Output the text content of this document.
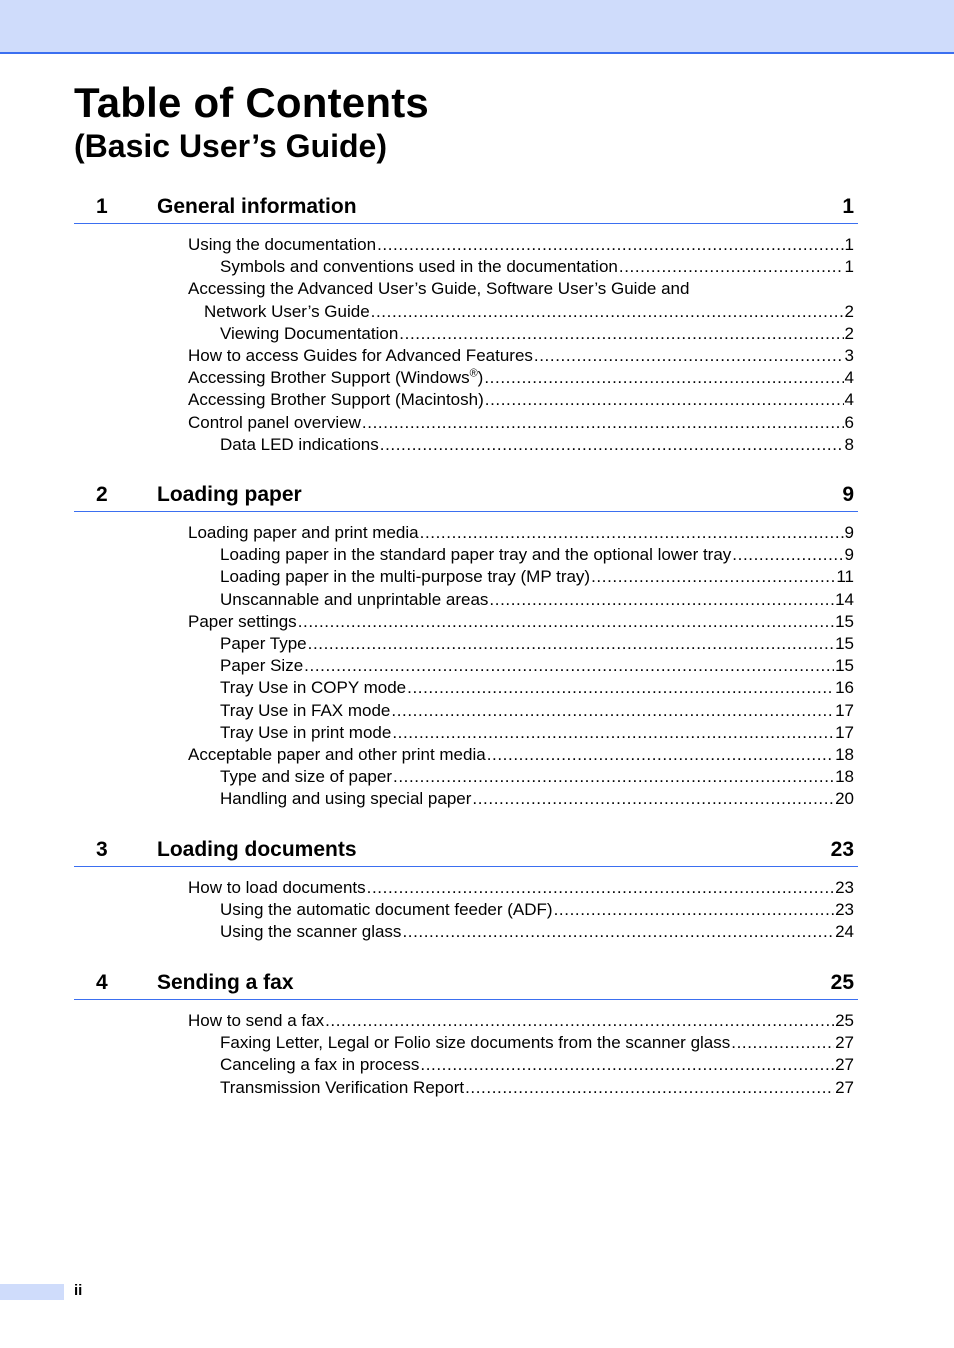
Table of Contents
(Basic User’s Guide)
1 General information	1
Using the documentation .....	1
Symbols and conventions used in the documentation .....	1
Accessing the Advanced User’s Guide, Software User’s Guide and
Network User’s Guide .....	2
Viewing Documentation .....	2
How to access Guides for Advanced Features .....	3
Accessing Brother Support (Windows®) .....	4
Accessing Brother Support (Macintosh) .....	4
Control panel overview .....	6
Data LED indications .....	8
2 Loading paper	9
Loading paper and print media .....	9
Loading paper in the standard paper tray and the optional lower tray .....	9
Loading paper in the multi-purpose tray (MP tray) .....	11
Unscannable and unprintable areas .....	14
Paper settings .....	15
Paper Type .....	15
Paper Size .....	15
Tray Use in COPY mode .....	16
Tray Use in FAX mode .....	17
Tray Use in print mode .....	17
Acceptable paper and other print media .....	18
Type and size of paper .....	18
Handling and using special paper .....	20
3 Loading documents	23
How to load documents .....	23
Using the automatic document feeder (ADF) .....	23
Using the scanner glass .....	24
4 Sending a fax	25
How to send a fax .....	25
Faxing Letter, Legal or Folio size documents from the scanner glass .....	27
Canceling a fax in process .....	27
Transmission Verification Report .....	27
ii
